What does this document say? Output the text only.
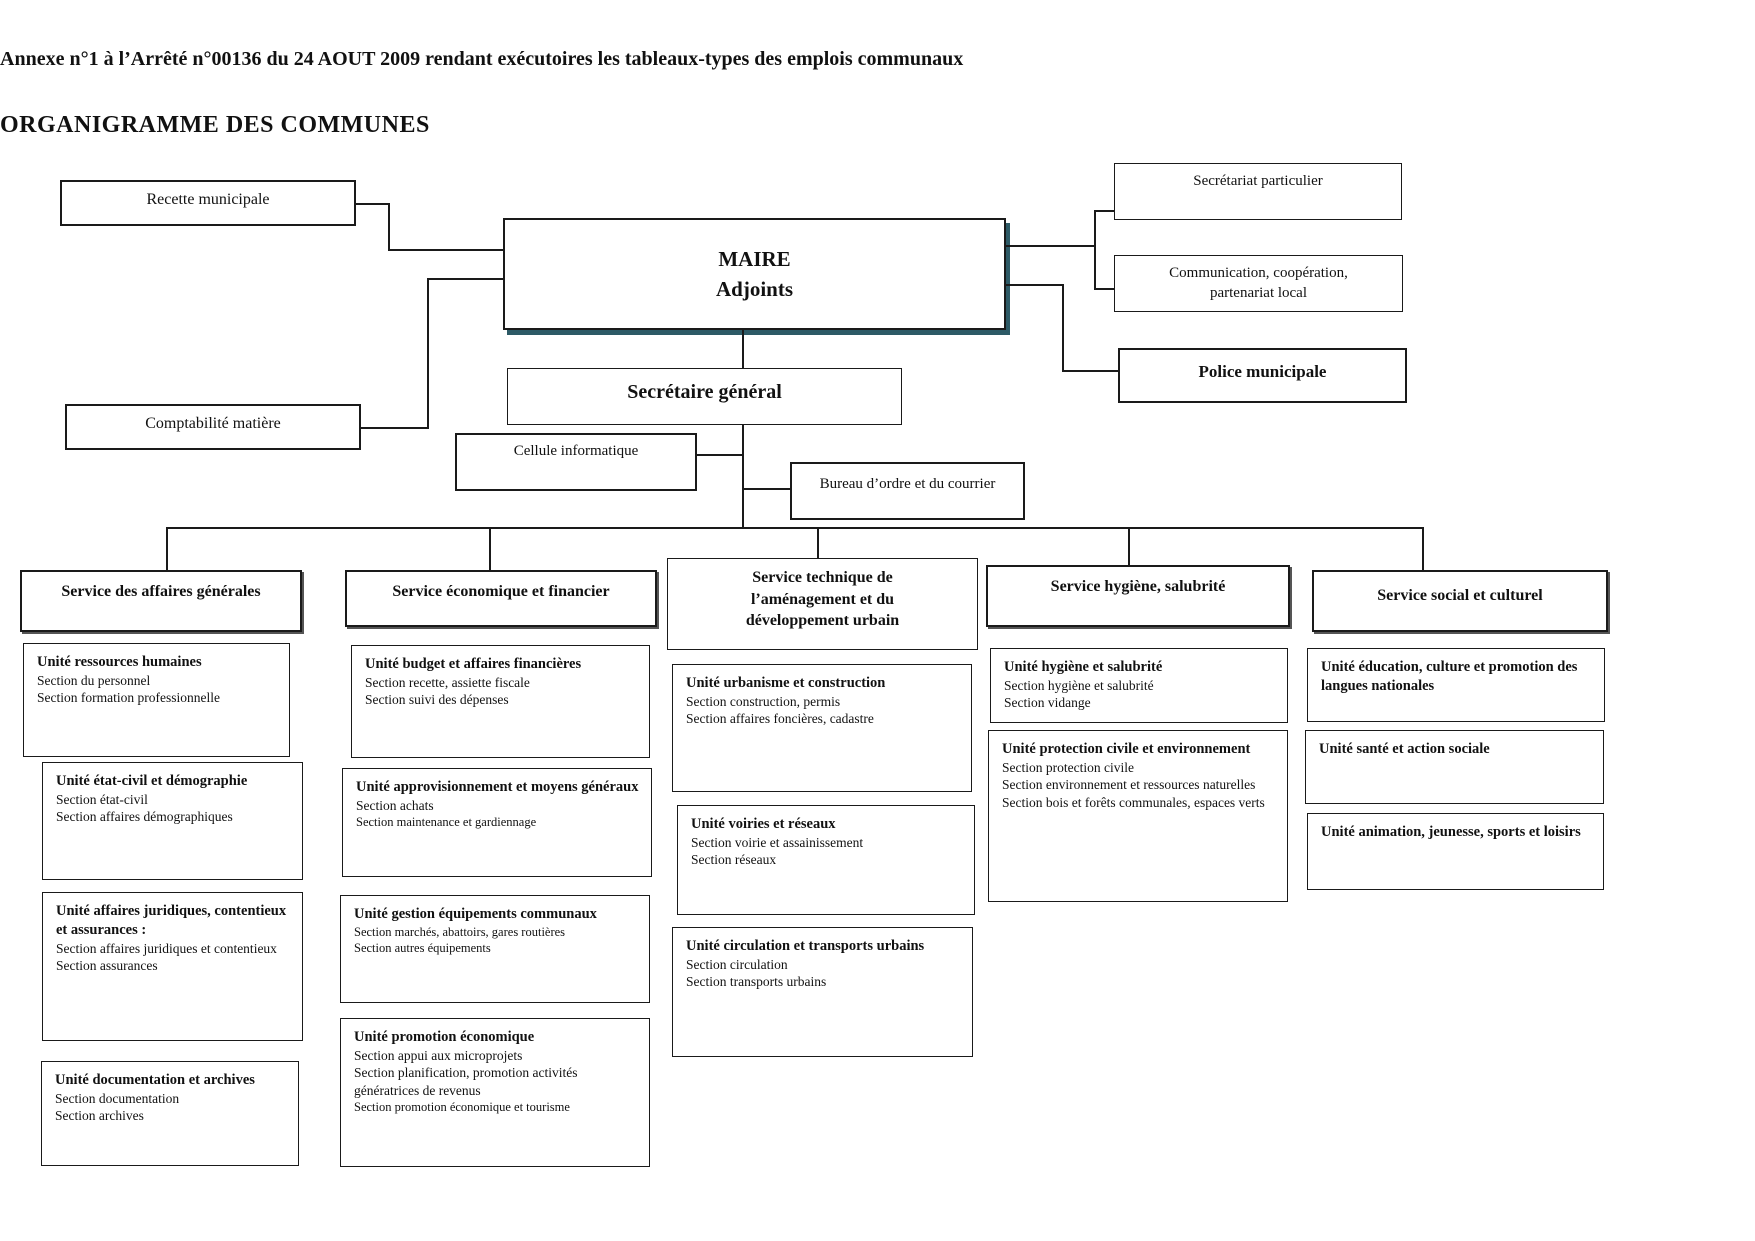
Annexe n°1 à l’Arrêté n°00136 du 24 AOUT 2009 rendant exécutoires les tableaux-types des emplois communaux
ORGANIGRAMME DES COMMUNES
MAIRE
Adjoints
Recette municipale
Comptabilité matière
Secrétariat particulier
Communication, coopération,
partenariat local
Police municipale
Secrétaire général
Cellule informatique
Bureau d’ordre et du courrier
Service des affaires générales
Unité ressources humaines
Section du personnel
Section formation professionnelle
Unité état-civil et démographie
Section état-civil
Section affaires démographiques
Unité affaires juridiques, contentieux et assurances :
Section affaires juridiques et contentieux
Section assurances
Unité documentation et archives
Section documentation
Section archives
Service économique et financier
Unité budget et affaires financières
Section recette, assiette fiscale
Section suivi des dépenses
Unité approvisionnement et moyens généraux
Section achats
Section maintenance et gardiennage
Unité gestion équipements communaux
Section marchés, abattoirs, gares routières
Section autres équipements
Unité promotion économique
Section appui aux microprojets
Section planification, promotion activités génératrices de revenus
Section promotion économique et tourisme
Service technique de
l’aménagement et du
développement urbain
Unité urbanisme et construction
Section construction, permis
Section affaires foncières, cadastre
Unité voiries et réseaux
Section voirie et assainissement
Section réseaux
Unité circulation et transports urbains
Section circulation
Section transports urbains
Service hygiène, salubrité
Unité hygiène et salubrité
Section hygiène et salubrité
Section vidange
Unité protection civile et environnement
Section protection civile
Section environnement et ressources naturelles
Section bois et forêts communales, espaces verts
Service social et culturel
Unité éducation, culture et promotion des langues nationales
Unité santé et action sociale
Unité animation, jeunesse, sports et loisirs
